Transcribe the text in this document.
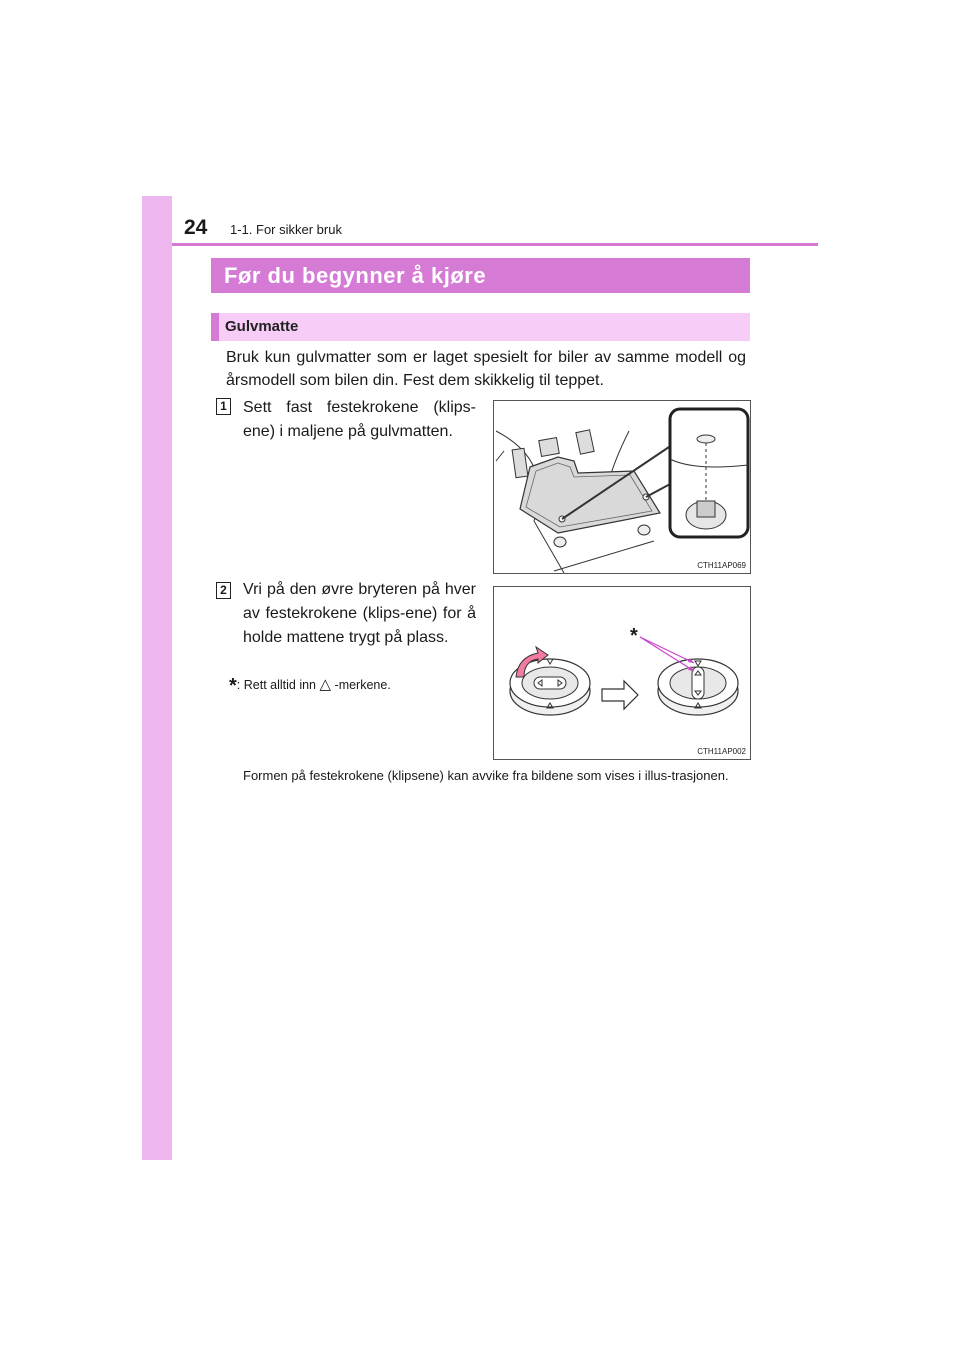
24 1-1. For sikker bruk
Før du begynner å kjøre
Gulvmatte
Bruk kun gulvmatter som er laget spesielt for biler av samme modell og årsmodell som bilen din. Fest dem skikkelig til teppet.
1 Sett fast festekrokene (klips-ene) i maljene på gulvmatten.
CTH11AP069
2 Vri på den øvre bryteren på hver av festekrokene (klips-ene) for å holde mattene trygt på plass.
*: Rett alltid inn △ -merkene.
*
CTH11AP002
Formen på festekrokene (klipsene) kan avvike fra bildene som vises i illus-trasjonen.
